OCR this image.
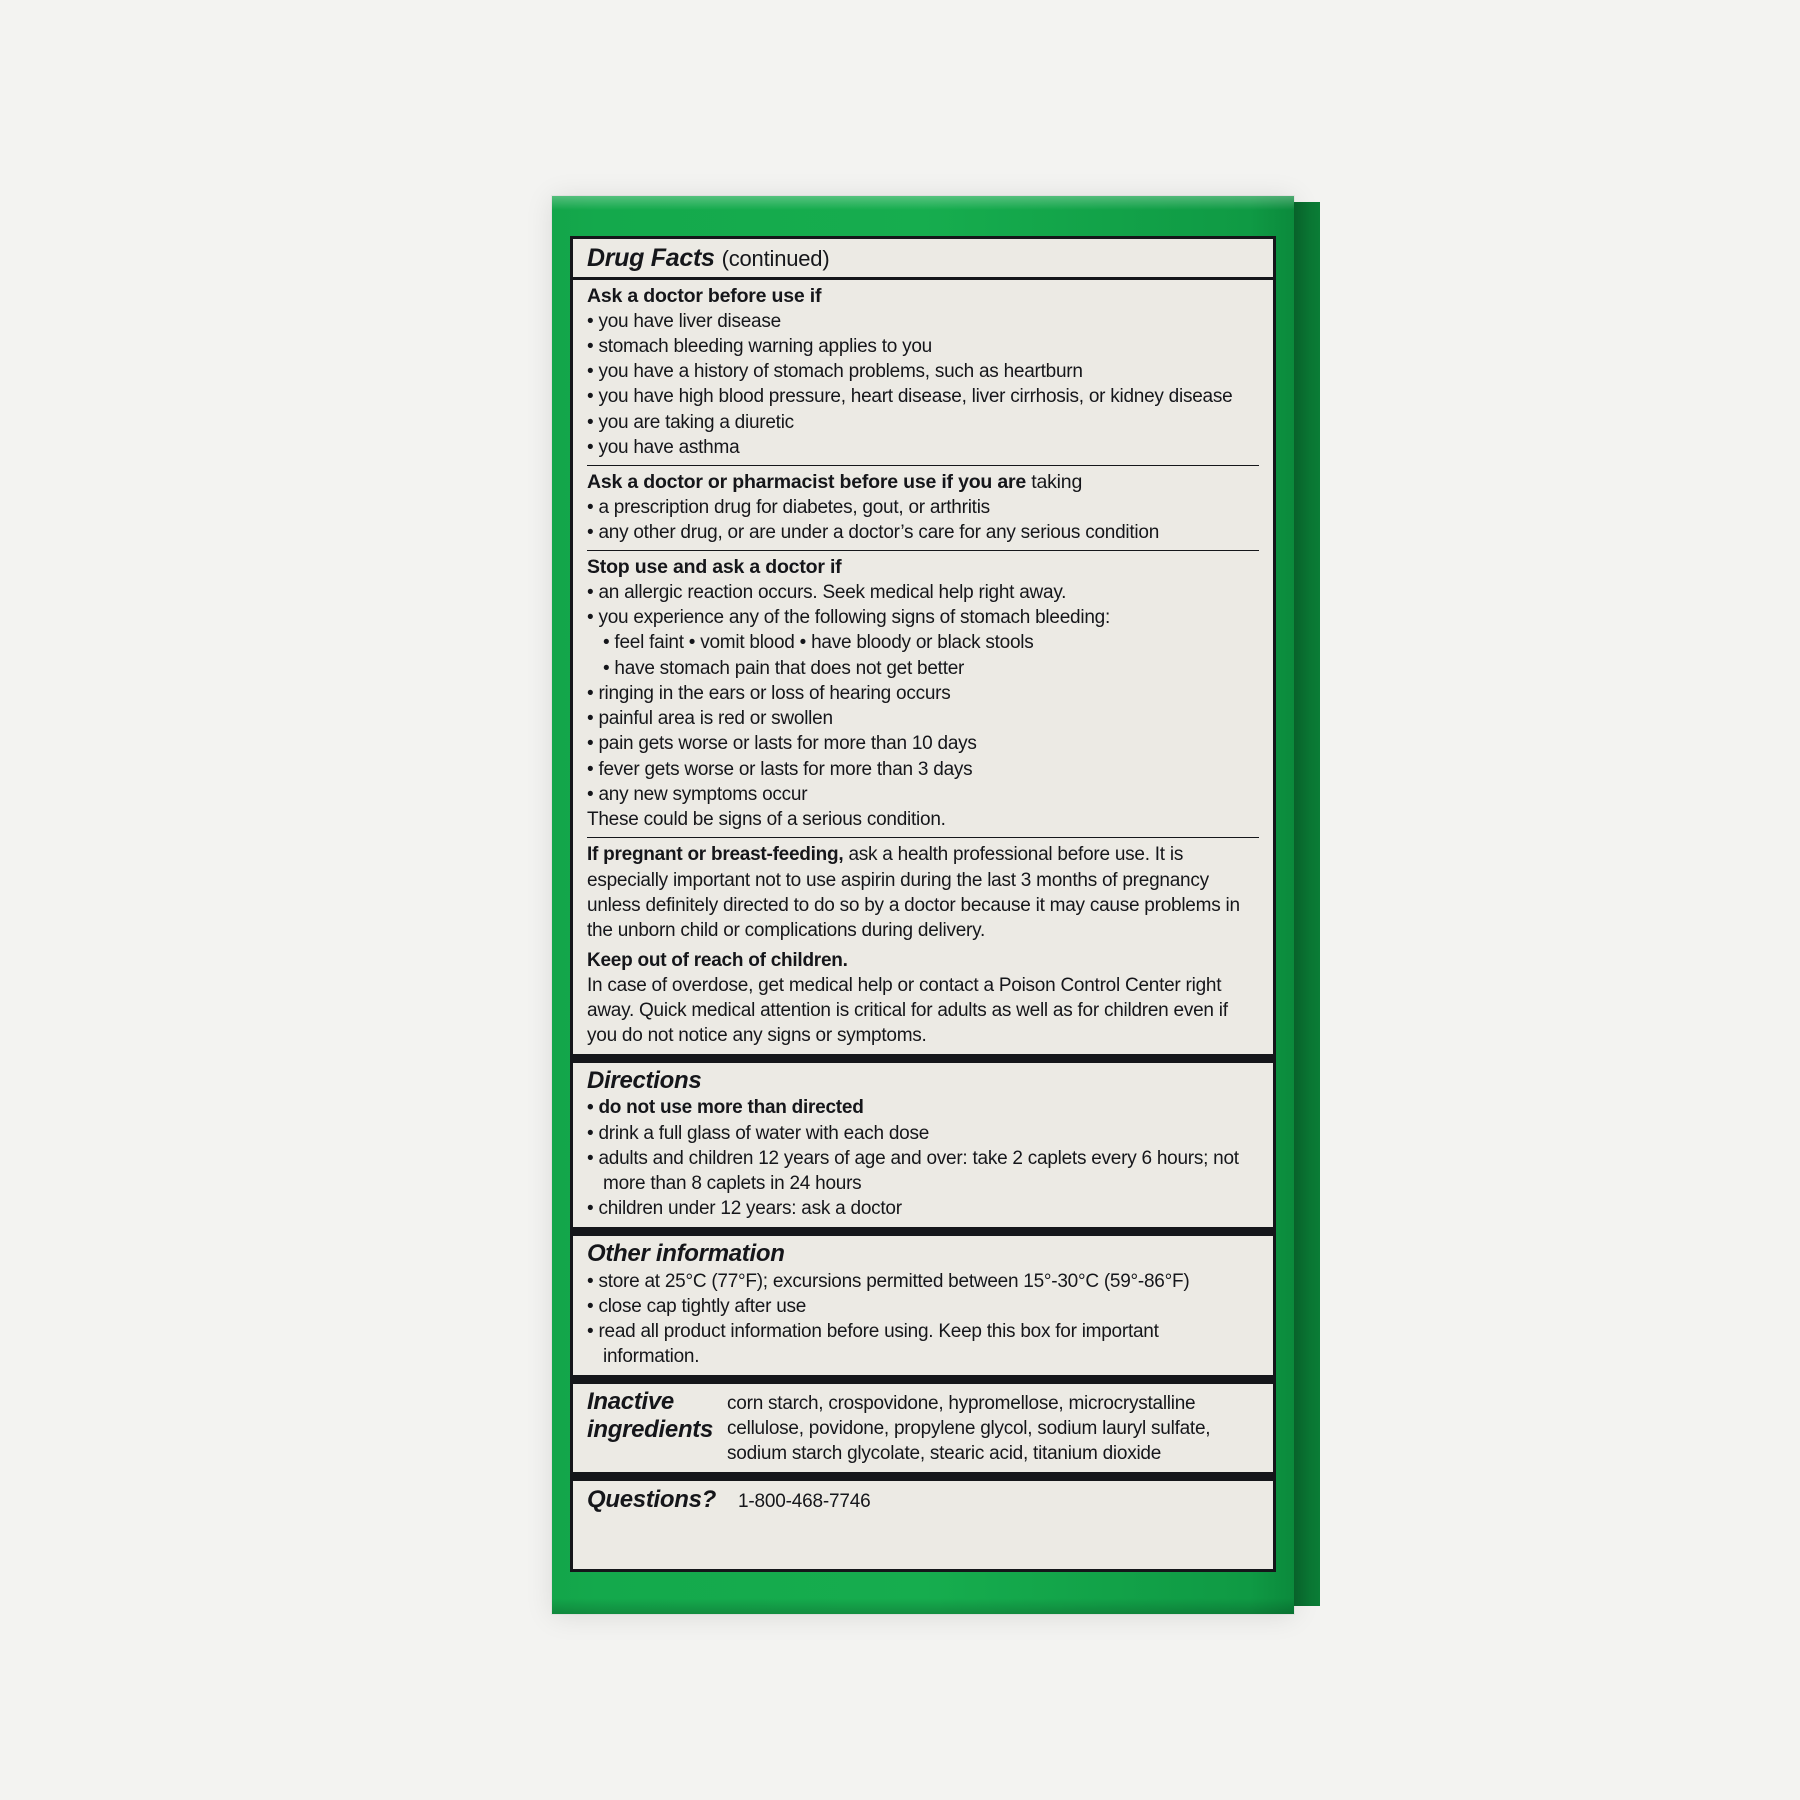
Drug Facts (continued)
Ask a doctor before use if
• you have liver disease
• stomach bleeding warning applies to you
• you have a history of stomach problems, such as heartburn
• you have high blood pressure, heart disease, liver cirrhosis, or kidney disease
• you are taking a diuretic
• you have asthma
Ask a doctor or pharmacist before use if you are taking
• a prescription drug for diabetes, gout, or arthritis
• any other drug, or are under a doctor’s care for any serious condition
Stop use and ask a doctor if
• an allergic reaction occurs. Seek medical help right away.
• you experience any of the following signs of stomach bleeding:
• feel faint • vomit blood • have bloody or black stools
• have stomach pain that does not get better
• ringing in the ears or loss of hearing occurs
• painful area is red or swollen
• pain gets worse or lasts for more than 10 days
• fever gets worse or lasts for more than 3 days
• any new symptoms occur
These could be signs of a serious condition.
If pregnant or breast-feeding, ask a health professional before use. It is especially important not to use aspirin during the last 3 months of pregnancy unless definitely directed to do so by a doctor because it may cause problems in the unborn child or complications during delivery.
Keep out of reach of children.
In case of overdose, get medical help or contact a Poison Control Center right away. Quick medical attention is critical for adults as well as for children even if you do not notice any signs or symptoms.
Directions
• do not use more than directed
• drink a full glass of water with each dose
• adults and children 12 years of age and over: take 2 caplets every 6 hours; not
more than 8 caplets in 24 hours
• children under 12 years: ask a doctor
Other information
• store at 25°C (77°F); excursions permitted between 15°-30°C (59°-86°F)
• close cap tightly after use
• read all product information before using. Keep this box for important information.
Inactive ingredients
corn starch, crospovidone, hypromellose, microcrystalline cellulose, povidone, propylene glycol, sodium lauryl sulfate, sodium starch glycolate, stearic acid, titanium dioxide
Questions? 1-800-468-7746
